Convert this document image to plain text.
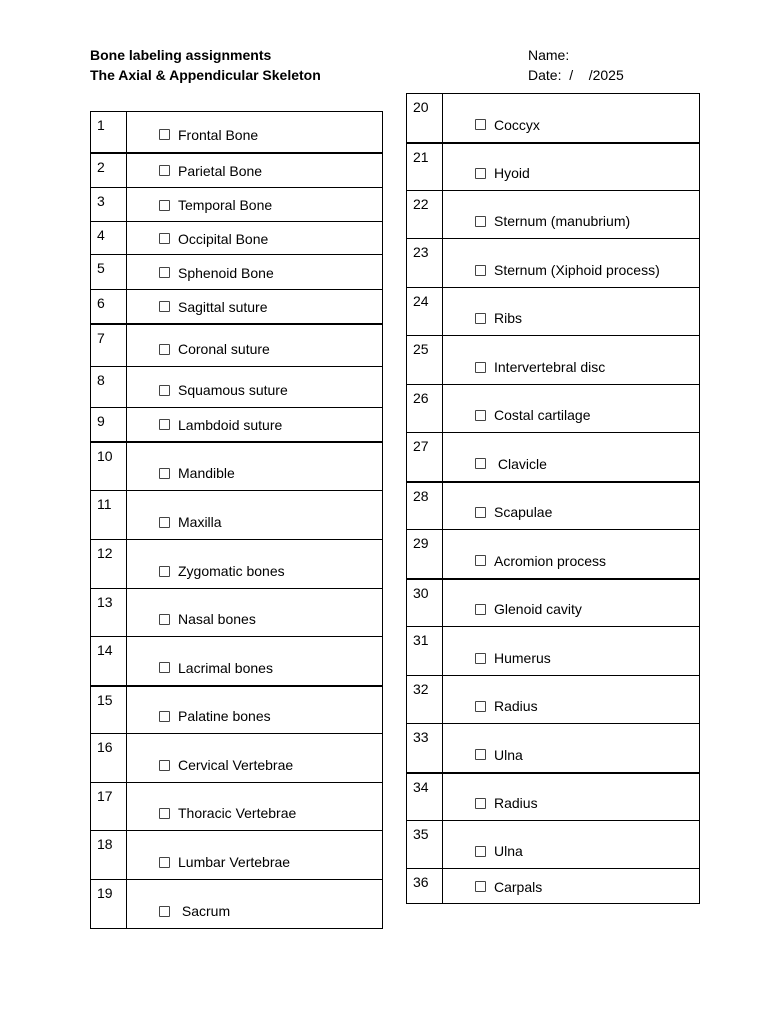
Bone labeling assignments
The Axial & Appendicular Skeleton
Name:
Date:  /    /2025
1	Frontal Bone

2	Parietal Bone

3	Temporal Bone

4	Occipital Bone

5	Sphenoid Bone

6	Sagittal suture

7	Coronal suture

8	Squamous suture

9	Lambdoid suture

10	Mandible

11	Maxilla

12	Zygomatic bones

13	Nasal bones

14	Lacrimal bones

15	Palatine bones

16	Cervical Vertebrae

17	Thoracic Vertebrae

18	Lumbar Vertebrae

19	Sacrum
20	Coccyx

21	Hyoid

22	Sternum (manubrium)

23	Sternum (Xiphoid process)

24	Ribs

25	Intervertebral disc

26	Costal cartilage

27	Clavicle

28	Scapulae

29	Acromion process

30	Glenoid cavity

31	Humerus

32	Radius

33	Ulna

34	Radius

35	Ulna

36	Carpals
